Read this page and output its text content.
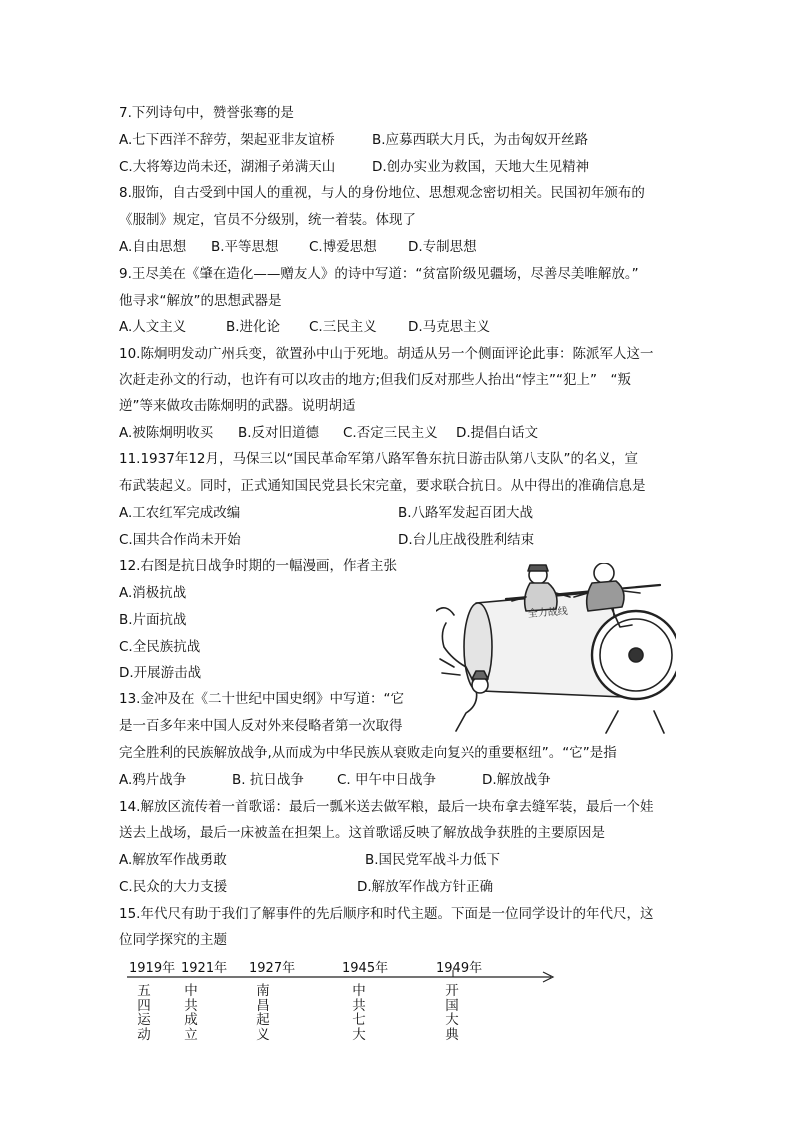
7.下列诗句中，赞誉张骞的是
A.七下西洋不辞劳，架起亚非友谊桥	B.应募西联大月氏，为击匈奴开丝路
C.大将筹边尚未还，湖湘子弟满天山	D.创办实业为救国，天地大生见精神
8.服饰，自古受到中国人的重视，与人的身份地位、思想观念密切相关。民国初年颁布的
《服制》规定，官员不分级别，统一着装。体现了
A.自由思想 B.平等思想 C.博爱思想 D.专制思想
9.王尽美在《肇在造化——赠友人》的诗中写道：“贫富阶级见疆场，尽善尽美唯解放。”
他寻求“解放”的思想武器是
A.人文主义	B.进化论 C.三民主义 D.马克思主义
10.陈炯明发动广州兵变，欲置孙中山于死地。胡适从另一个侧面评论此事：陈派军人这一
次赶走孙文的行动，也许有可以攻击的地方;但我们反对那些人抬出“悖主”“犯上”　“叛
逆”等来做攻击陈炯明的武器。说明胡适
A.被陈炯明收买 B.反对旧道德 C.否定三民主义 D.提倡白话文
11.1937年12月，马保三以“国民革命军第八路军鲁东抗日游击队第八支队”的名义，宣
布武装起义。同时，正式通知国民党县长宋完童，要求联合抗日。从中得出的准确信息是
A.工农红军完成改编	B.八路军发起百团大战
C.国共合作尚未开始	D.台儿庄战役胜利结束
12.右图是抗日战争时期的一幅漫画，作者主张
A.消极抗战
B.片面抗战
C.全民族抗战
D.开展游击战
全力战线
13.金冲及在《二十世纪中国史纲》中写道：“它
是一百多年来中国人反对外来侵略者第一次取得
完全胜利的民族解放战争,从而成为中华民族从衰败走向复兴的重要枢纽”。“它”是指
A.鸦片战争	B. 抗日战争 C. 甲午中日战争	D.解放战争
14.解放区流传着一首歌谣：最后一瓢米送去做军粮，最后一块布拿去缝军装，最后一个娃
送去上战场，最后一床被盖在担架上。这首歌谣反映了解放战争获胜的主要原因是
A.解放军作战勇敢	B.国民党军战斗力低下
C.民众的大力支援	D.解放军作战方针正确
15.年代尺有助于我们了解事件的先后顺序和时代主题。下面是一位同学设计的年代尺，这
位同学探究的主题
1919年 1921年 1927年	1945年	1949年
五四运动
中共成立
南昌起义
中共七大
开国大典
